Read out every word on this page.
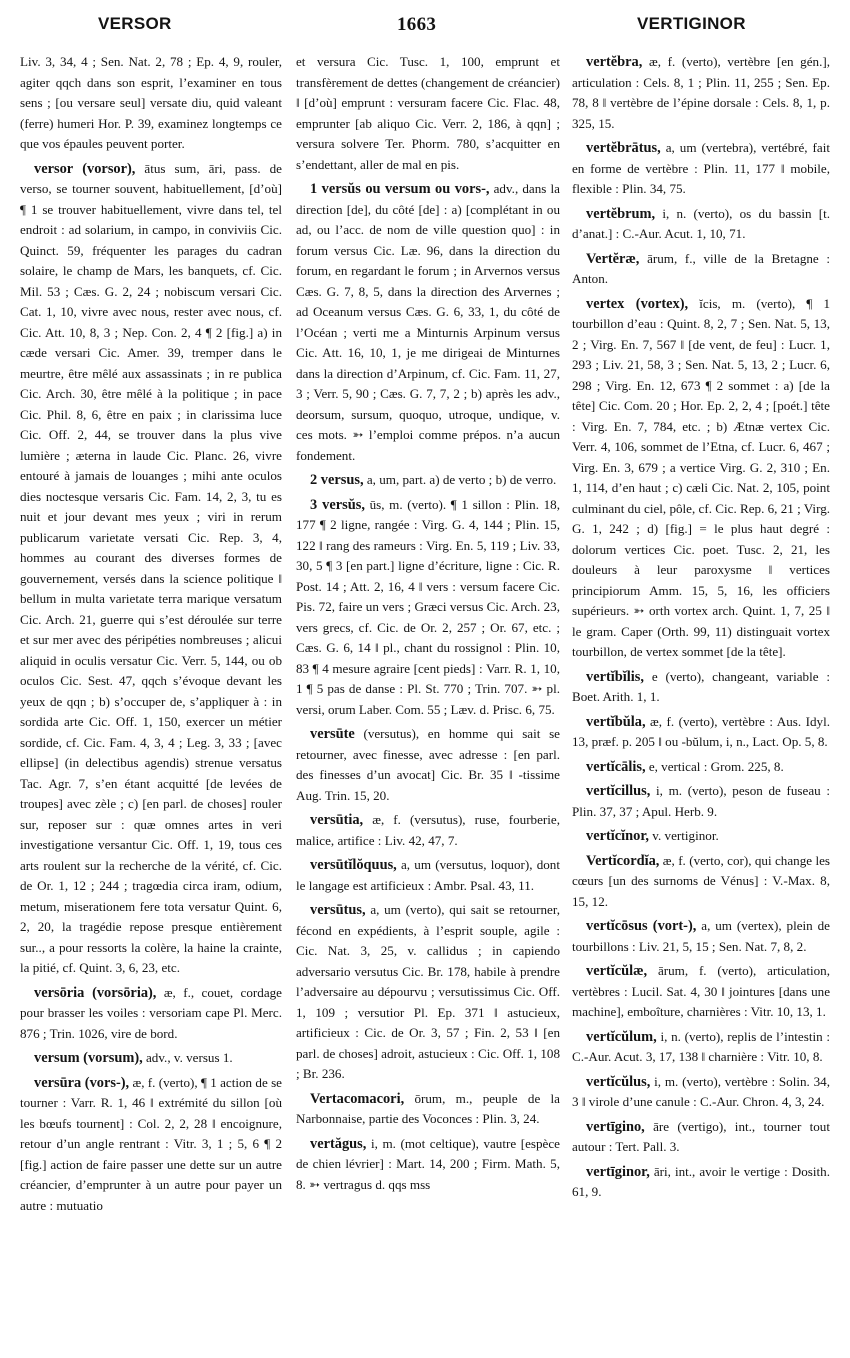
VERSOR	1663	VERTIGINOR

Liv. 3, 34, 4 ; Sen. Nat. 2, 78 ; Ep. 4, 9, rouler, agiter qqch dans son esprit, l’examiner en tous sens ; [ou versare seul] versate diu, quid valeant (ferre) humeri Hor. P. 39, examinez longtemps ce que vos épaules peuvent porter.

versor (vorsor), ātus sum, āri, pass. de verso, se tourner souvent, habituellement, [d’où] ¶ 1 se trouver habituellement, vivre dans tel, tel endroit : ad solarium, in campo, in conviviis Cic. Quinct. 59, fréquenter les parages du cadran solaire, le champ de Mars, les banquets, cf. Cic. Mil. 53 ; Cæs. G. 2, 24 ; nobiscum versari Cic. Cat. 1, 10, vivre avec nous, rester avec nous, cf. Cic. Att. 10, 8, 3 ; Nep. Con. 2, 4 ¶ 2 [fig.] a) in cæde versari Cic. Amer. 39, tremper dans le meurtre, être mêlé aux assassinats ; in re publica Cic. Arch. 30, être mêlé à la politique ; in pace Cic. Phil. 8, 6, être en paix ; in clarissima luce Cic. Off. 2, 44, se trouver dans la plus vive lumière ; æterna in laude Cic. Planc. 26, vivre entouré à jamais de louanges ; mihi ante oculos dies noctesque versaris Cic. Fam. 14, 2, 3, tu es nuit et jour devant mes yeux ; viri in rerum publicarum varietate versati Cic. Rep. 3, 4, hommes au courant des diverses formes de gouvernement, versés dans la science politique ‖ bellum in multa varietate terra marique versatum Cic. Arch. 21, guerre qui s’est déroulée sur terre et sur mer avec des péripéties nombreuses ; alicui aliquid in oculis versatur Cic. Verr. 5, 144, ou ob oculos Cic. Sest. 47, qqch s’évoque devant les yeux de qqn ; b) s’occuper de, s’appliquer à : in sordida arte Cic. Off. 1, 150, exercer un métier sordide, cf. Cic. Fam. 4, 3, 4 ; Leg. 3, 33 ; [avec ellipse] (in delectibus agendis) strenue versatus Tac. Agr. 7, s’en étant acquitté [de levées de troupes] avec zèle ; c) [en parl. de choses] rouler sur, reposer sur : quæ omnes artes in veri investigatione versantur Cic. Off. 1, 19, tous ces arts roulent sur la recherche de la vérité, cf. Cic. de Or. 1, 12 ; 244 ; tragœdia circa iram, odium, metum, miserationem fere tota versatur Quint. 6, 2, 20, la tragédie repose presque entièrement sur.., a pour ressorts la colère, la haine la crainte, la pitié, cf. Quint. 3, 6, 23, etc.

versōria (vorsōria), æ, f., couet, cordage pour brasser les voiles : versoriam cape Pl. Merc. 876 ; Trin. 1026, vire de bord.

versum (vorsum), adv., v. versus 1.

versūra (vors-), æ, f. (verto), ¶ 1 action de se tourner : Varr. R. 1, 46 ‖ extrémité du sillon [où les bœufs tournent] : Col. 2, 2, 28 ‖ encoignure, retour d’un angle rentrant : Vitr. 3, 1 ; 5, 6 ¶ 2 [fig.] action de faire passer une dette sur un autre créancier, d’emprunter à un autre pour payer un autre : mutuatio

et versura Cic. Tusc. 1, 100, emprunt et transfèrement de dettes (changement de créancier) ‖ [d’où] emprunt : versuram facere Cic. Flac. 48, emprunter [ab aliquo Cic. Verr. 2, 186, à qqn] ; versura solvere Ter. Phorm. 780, s’acquitter en s’endettant, aller de mal en pis.

1 versŭs ou versum ou vors-, adv., dans la direction [de], du côté [de] : a) [complétant in ou ad, ou l’acc. de nom de ville question quo] : in forum versus Cic. Læ. 96, dans la direction du forum, en regardant le forum ; in Arvernos versus Cæs. G. 7, 8, 5, dans la direction des Arvernes ; ad Oceanum versus Cæs. G. 6, 33, 1, du côté de l’Océan ; verti me a Minturnis Arpinum versus Cic. Att. 16, 10, 1, je me dirigeai de Minturnes dans la direction d’Arpinum, cf. Cic. Fam. 11, 27, 3 ; Verr. 5, 90 ; Cæs. G. 7, 7, 2 ; b) après les adv., deorsum, sursum, quoquo, utroque, undique, v. ces mots. ➳ l’emploi comme prépos. n’a aucun fondement.

2 versus, a, um, part. a) de verto ; b) de verro.

3 versŭs, ūs, m. (verto). ¶ 1 sillon : Plin. 18, 177 ¶ 2 ligne, rangée : Virg. G. 4, 144 ; Plin. 15, 122 ‖ rang des rameurs : Virg. En. 5, 119 ; Liv. 33, 30, 5 ¶ 3 [en part.] ligne d’écriture, ligne : Cic. R. Post. 14 ; Att. 2, 16, 4 ‖ vers : versum facere Cic. Pis. 72, faire un vers ; Græci versus Cic. Arch. 23, vers grecs, cf. Cic. de Or. 2, 257 ; Or. 67, etc. ; Cæs. G. 6, 14 ‖ pl., chant du rossignol : Plin. 10, 83 ¶ 4 mesure agraire [cent pieds] : Varr. R. 1, 10, 1 ¶ 5 pas de danse : Pl. St. 770 ; Trin. 707. ➳ pl. versi, orum Laber. Com. 55 ; Læv. d. Prisc. 6, 75.

versūte (versutus), en homme qui sait se retourner, avec finesse, avec adresse : [en parl. des finesses d’un avocat] Cic. Br. 35 ‖ -tissime Aug. Trin. 15, 20.

versūtia, æ, f. (versutus), ruse, fourberie, malice, artifice : Liv. 42, 47, 7.

versūtĭlŏquus, a, um (versutus, loquor), dont le langage est artificieux : Ambr. Psal. 43, 11.

versūtus, a, um (verto), qui sait se retourner, fécond en expédients, à l’esprit souple, agile : Cic. Nat. 3, 25, v. callidus ; in capiendo adversario versutus Cic. Br. 178, habile à prendre l’adversaire au dépourvu ; versutissimus Cic. Off. 1, 109 ; versutior Pl. Ep. 371 ‖ astucieux, artificieux : Cic. de Or. 3, 57 ; Fin. 2, 53 ‖ [en parl. de choses] adroit, astucieux : Cic. Off. 1, 108 ; Br. 236.

Vertacomacori, ōrum, m., peuple de la Narbonnaise, partie des Voconces : Plin. 3, 24.

vertăgus, i, m. (mot celtique), vautre [espèce de chien lévrier] : Mart. 14, 200 ; Firm. Math. 5, 8. ➳ vertragus d. qqs mss

vertĕbra, æ, f. (verto), vertèbre [en gén.], articulation : Cels. 8, 1 ; Plin. 11, 255 ; Sen. Ep. 78, 8 ‖ vertèbre de l’épine dorsale : Cels. 8, 1, p. 325, 15.

vertĕbrātus, a, um (vertebra), vertébré, fait en forme de vertèbre : Plin. 11, 177 ‖ mobile, flexible : Plin. 34, 75.

vertĕbrum, i, n. (verto), os du bassin [t. d’anat.] : C.-Aur. Acut. 1, 10, 71.

Vertĕræ, ārum, f., ville de la Bretagne : Anton.

vertex (vortex), ĭcis, m. (verto), ¶ 1 tourbillon d’eau : Quint. 8, 2, 7 ; Sen. Nat. 5, 13, 2 ; Virg. En. 7, 567 ‖ [de vent, de feu] : Lucr. 1, 293 ; Liv. 21, 58, 3 ; Sen. Nat. 5, 13, 2 ; Lucr. 6, 298 ; Virg. En. 12, 673 ¶ 2 sommet : a) [de la tête] Cic. Com. 20 ; Hor. Ep. 2, 2, 4 ; [poét.] tête : Virg. En. 7, 784, etc. ; b) Ætnæ vertex Cic. Verr. 4, 106, sommet de l’Etna, cf. Lucr. 6, 467 ; Virg. En. 3, 679 ; a vertice Virg. G. 2, 310 ; En. 1, 114, d’en haut ; c) cæli Cic. Nat. 2, 105, point culminant du ciel, pôle, cf. Cic. Rep. 6, 21 ; Virg. G. 1, 242 ; d) [fig.] = le plus haut degré : dolorum vertices Cic. poet. Tusc. 2, 21, les douleurs à leur paroxysme ‖ vertices principiorum Amm. 15, 5, 16, les officiers supérieurs. ➳ orth vortex arch. Quint. 1, 7, 25 ‖ le gram. Caper (Orth. 99, 11) distinguait vortex tourbillon, de vertex sommet [de la tête].

vertĭbĭlis, e (verto), changeant, variable : Boet. Arith. 1, 1.

vertĭbŭla, æ, f. (verto), vertèbre : Aus. Idyl. 13, præf. p. 205 ‖ ou -bŭlum, i, n., Lact. Op. 5, 8.

vertĭcālis, e, vertical : Grom. 225, 8.

vertĭcillus, i, m. (verto), peson de fuseau : Plin. 37, 37 ; Apul. Herb. 9.

vertĭcĭnor, v. vertiginor.

Vertĭcordĭa, æ, f. (verto, cor), qui change les cœurs [un des surnoms de Vénus] : V.-Max. 8, 15, 12.

vertĭcōsus (vort-), a, um (vertex), plein de tourbillons : Liv. 21, 5, 15 ; Sen. Nat. 7, 8, 2.

vertĭcŭlæ, ārum, f. (verto), articulation, vertèbres : Lucil. Sat. 4, 30 ‖ jointures [dans une machine], emboîture, charnières : Vitr. 10, 13, 1.

vertĭcŭlum, i, n. (verto), replis de l’intestin : C.-Aur. Acut. 3, 17, 138 ‖ charnière : Vitr. 10, 8.

vertĭcŭlus, i, m. (verto), vertèbre : Solin. 34, 3 ‖ virole d’une canule : C.-Aur. Chron. 4, 3, 24.

vertīgino, āre (vertigo), int., tourner tout autour : Tert. Pall. 3.

vertīginor, āri, int., avoir le vertige : Dosith. 61, 9.
